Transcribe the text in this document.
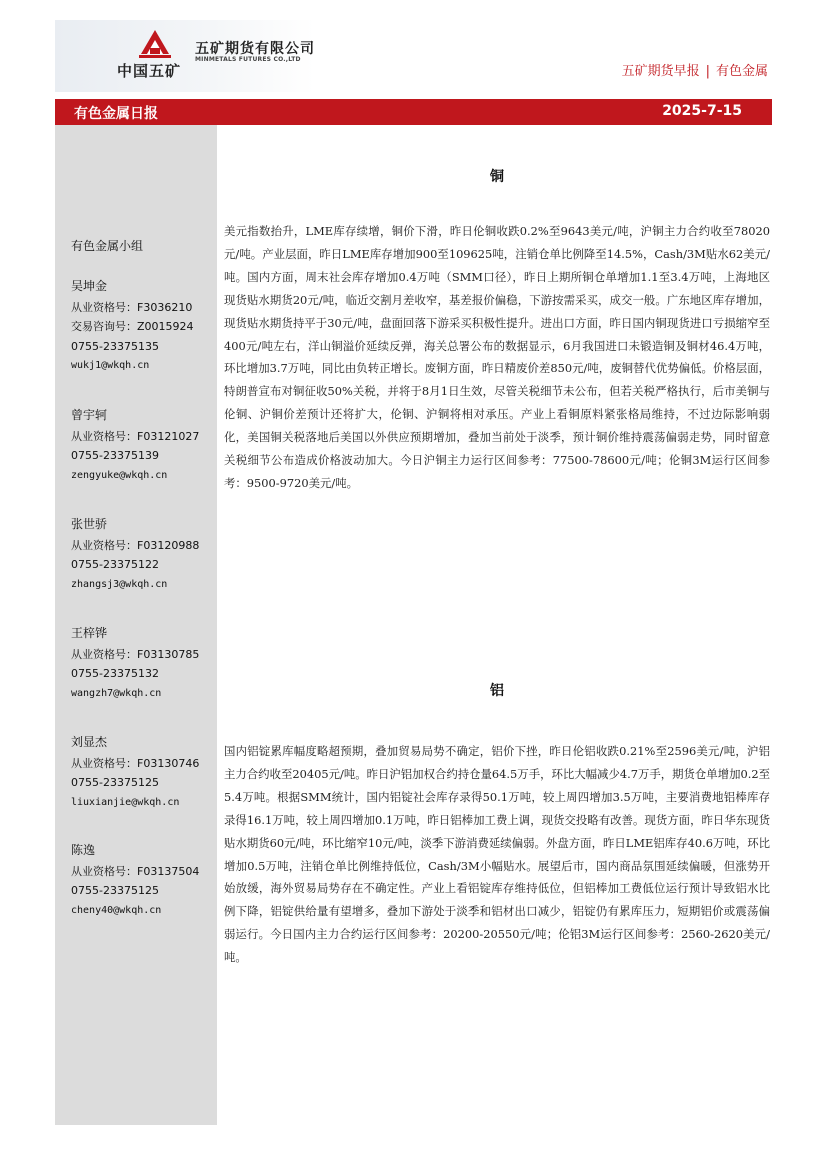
中国五矿
五矿期货有限公司
MINMETALS FUTURES CO.,LTD
五矿期货早报 | 有色金属
有色金属日报	2025-7-15
有色金属小组
吴坤金
从业资格号：F3036210
交易咨询号：Z0015924
0755-23375135
wukj1@wkqh.cn
曾宇轲
从业资格号：F03121027
0755-23375139
zengyuke@wkqh.cn
张世骄
从业资格号：F03120988
0755-23375122
zhangsj3@wkqh.cn
王梓铧
从业资格号：F03130785
0755-23375132
wangzh7@wkqh.cn
刘显杰
从业资格号：F03130746
0755-23375125
liuxianjie@wkqh.cn
陈逸
从业资格号：F03137504
0755-23375125
cheny40@wkqh.cn
铜

美元指数抬升，LME库存续增，铜价下滑，昨日伦铜收跌0.2%至9643美元/吨，沪铜主力合约收至78020元/吨。产业层面，昨日LME库存增加900至109625吨，注销仓单比例降至14.5%，Cash/3M贴水62美元/吨。国内方面，周末社会库存增加0.4万吨（SMM口径），昨日上期所铜仓单增加1.1至3.4万吨，上海地区现货贴水期货20元/吨，临近交割月差收窄，基差报价偏稳，下游按需采买，成交一般。广东地区库存增加，现货贴水期货持平于30元/吨，盘面回落下游采买积极性提升。进出口方面，昨日国内铜现货进口亏损缩窄至400元/吨左右，洋山铜溢价延续反弹，海关总署公布的数据显示，6月我国进口未锻造铜及铜材46.4万吨，环比增加3.7万吨，同比由负转正增长。废铜方面，昨日精废价差850元/吨，废铜替代优势偏低。价格层面，特朗普宣布对铜征收50%关税，并将于8月1日生效，尽管关税细节未公布，但若关税严格执行，后市美铜与伦铜、沪铜价差预计还将扩大，伦铜、沪铜将相对承压。产业上看铜原料紧张格局维持，不过边际影响弱化，美国铜关税落地后美国以外供应预期增加，叠加当前处于淡季，预计铜价维持震荡偏弱走势，同时留意关税细节公布造成价格波动加大。今日沪铜主力运行区间参考：77500-78600元/吨；伦铜3M运行区间参考：9500-9720美元/吨。

铝

国内铝锭累库幅度略超预期，叠加贸易局势不确定，铝价下挫，昨日伦铝收跌0.21%至2596美元/吨，沪铝主力合约收至20405元/吨。昨日沪铝加权合约持仓量64.5万手，环比大幅减少4.7万手，期货仓单增加0.2至5.4万吨。根据SMM统计，国内铝锭社会库存录得50.1万吨，较上周四增加3.5万吨，主要消费地铝棒库存录得16.1万吨，较上周四增加0.1万吨，昨日铝棒加工费上调，现货交投略有改善。现货方面，昨日华东现货贴水期货60元/吨，环比缩窄10元/吨，淡季下游消费延续偏弱。外盘方面，昨日LME铝库存40.6万吨，环比增加0.5万吨，注销仓单比例维持低位，Cash/3M小幅贴水。展望后市，国内商品氛围延续偏暖，但涨势开始放缓，海外贸易局势存在不确定性。产业上看铝锭库存维持低位，但铝棒加工费低位运行预计导致铝水比例下降，铝锭供给量有望增多，叠加下游处于淡季和铝材出口减少，铝锭仍有累库压力，短期铝价或震荡偏弱运行。今日国内主力合约运行区间参考：20200-20550元/吨；伦铝3M运行区间参考：2560-2620美元/吨。
